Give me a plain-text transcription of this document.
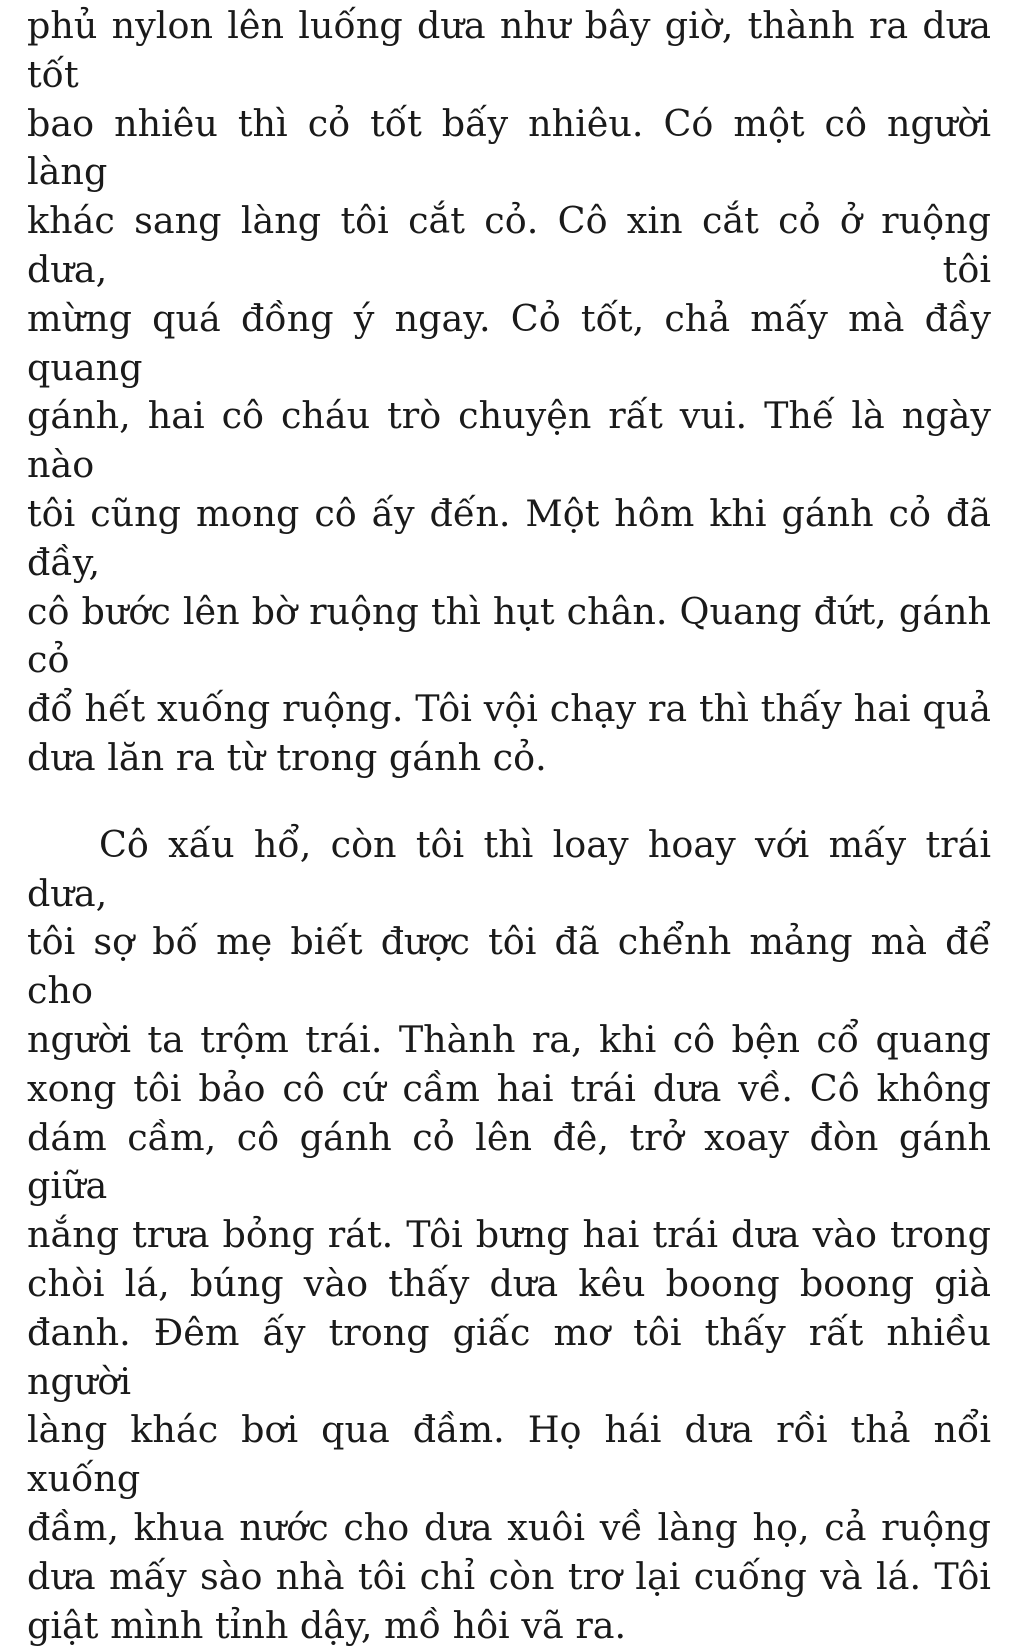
phủ nylon lên luống dưa như bây giờ, thành ra dưa tốt
bao nhiêu thì cỏ tốt bấy nhiêu. Có một cô người làng
khác sang làng tôi cắt cỏ. Cô xin cắt cỏ ở ruộng dưa, tôi
mừng quá đồng ý ngay. Cỏ tốt, chả mấy mà đầy quang
gánh, hai cô cháu trò chuyện rất vui. Thế là ngày nào
tôi cũng mong cô ấy đến. Một hôm khi gánh cỏ đã đầy,
cô bước lên bờ ruộng thì hụt chân. Quang đứt, gánh cỏ
đổ hết xuống ruộng. Tôi vội chạy ra thì thấy hai quả
dưa lăn ra từ trong gánh cỏ.
Cô xấu hổ, còn tôi thì loay hoay với mấy trái dưa,
tôi sợ bố mẹ biết được tôi đã chểnh mảng mà để cho
người ta trộm trái. Thành ra, khi cô bện cổ quang
xong tôi bảo cô cứ cầm hai trái dưa về. Cô không
dám cầm, cô gánh cỏ lên đê, trở xoay đòn gánh giữa
nắng trưa bỏng rát. Tôi bưng hai trái dưa vào trong
chòi lá, búng vào thấy dưa kêu boong boong già
đanh. Đêm ấy trong giấc mơ tôi thấy rất nhiều người
làng khác bơi qua đầm. Họ hái dưa rồi thả nổi xuống
đầm, khua nước cho dưa xuôi về làng họ, cả ruộng
dưa mấy sào nhà tôi chỉ còn trơ lại cuống và lá. Tôi
giật mình tỉnh dậy, mồ hôi vã ra.
